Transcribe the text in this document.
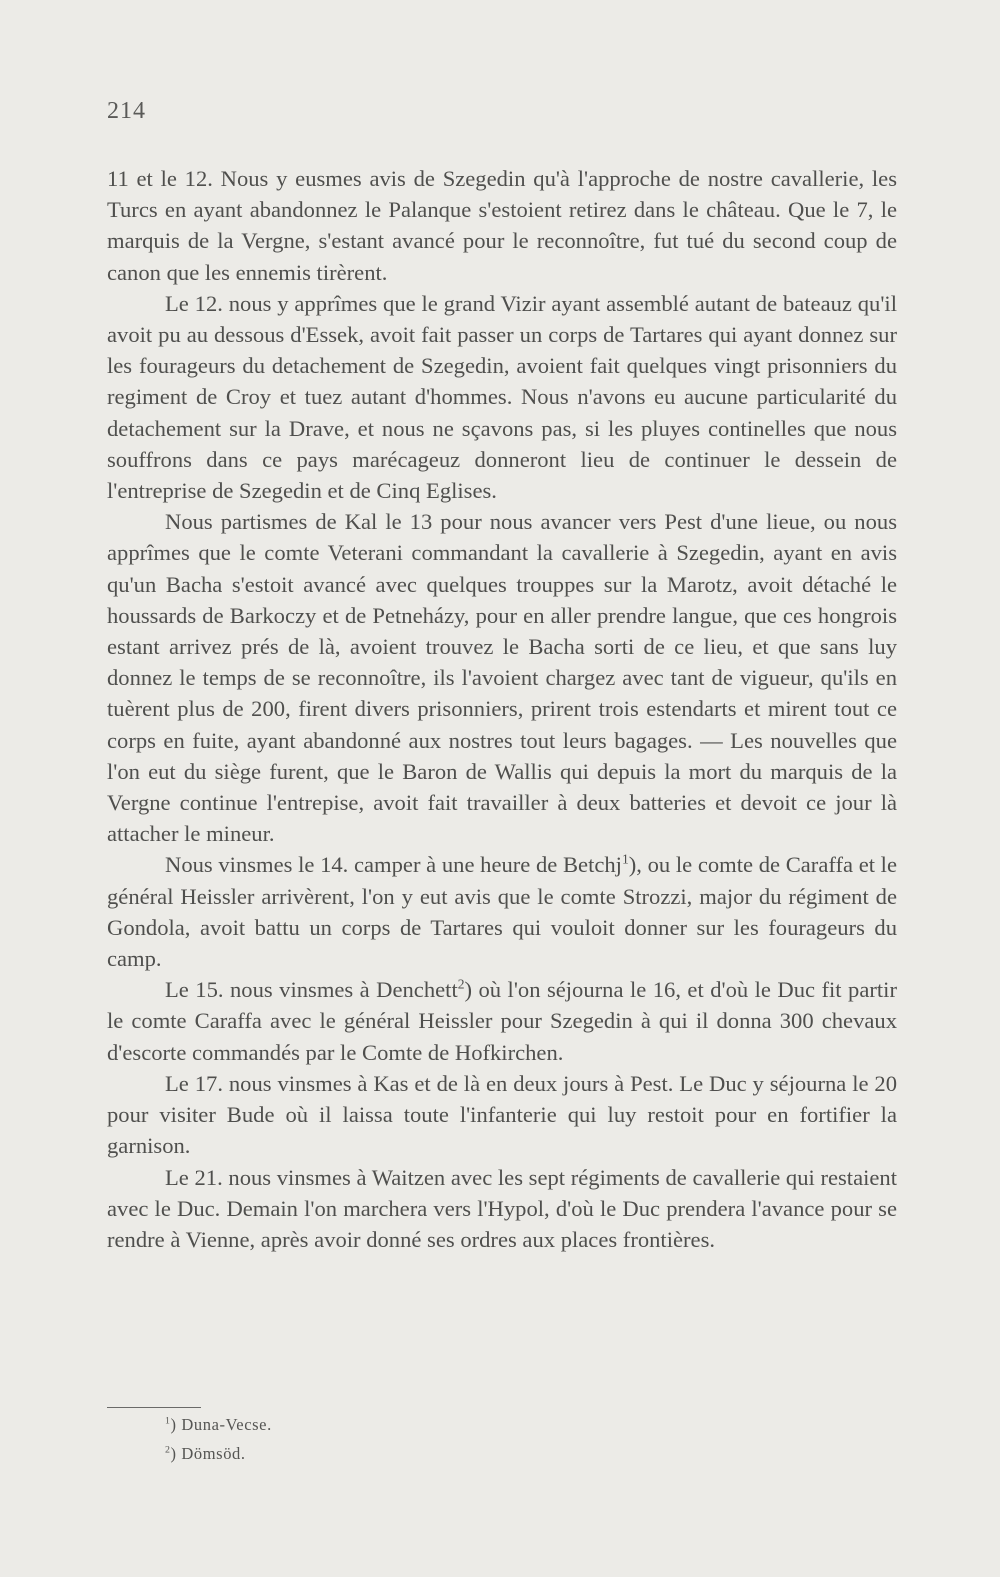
214

11 et le 12. Nous y eusmes avis de Szegedin qu'à l'approche de nostre cavallerie, les Turcs en ayant abandonnez le Palanque s'estoient retirez dans le château. Que le 7, le marquis de la Vergne, s'estant avancé pour le reconnoître, fut tué du second coup de canon que les ennemis tirèrent.

Le 12. nous y apprîmes que le grand Vizir ayant assemblé autant de bateauz qu'il avoit pu au dessous d'Essek, avoit fait passer un corps de Tartares qui ayant donnez sur les fourageurs du detachement de Szegedin, avoient fait quelques vingt prisonniers du regiment de Croy et tuez autant d'hommes. Nous n'avons eu aucune particularité du detachement sur la Drave, et nous ne sçavons pas, si les pluyes continelles que nous souffrons dans ce pays marécageuz donneront lieu de continuer le dessein de l'entreprise de Szegedin et de Cinq Eglises.

Nous partismes de Kal le 13 pour nous avancer vers Pest d'une lieue, ou nous apprîmes que le comte Veterani commandant la cavallerie à Szegedin, ayant en avis qu'un Bacha s'estoit avancé avec quelques trouppes sur la Marotz, avoit détaché le houssards de Barkoczy et de Petneházy, pour en aller prendre langue, que ces hongrois estant arrivez prés de là, avoient trouvez le Bacha sorti de ce lieu, et que sans luy donnez le temps de se reconnoître, ils l'avoient chargez avec tant de vigueur, qu'ils en tuèrent plus de 200, firent divers prisonniers, prirent trois estendarts et mirent tout ce corps en fuite, ayant abandonné aux nostres tout leurs bagages. — Les nouvelles que l'on eut du siège furent, que le Baron de Wallis qui depuis la mort du marquis de la Vergne continue l'entrepise, avoit fait travailler à deux batteries et devoit ce jour là attacher le mineur.

Nous vinsmes le 14. camper à une heure de Betchj$^1$), ou le comte de Caraffa et le général Heissler arrivèrent, l'on y eut avis que le comte Strozzi, major du régiment de Gondola, avoit battu un corps de Tartares qui vouloit donner sur les fourageurs du camp.

Le 15. nous vinsmes à Denchett$^2$) où l'on séjourna le 16, et d'où le Duc fit partir le comte Caraffa avec le général Heissler pour Szegedin à qui il donna 300 chevaux d'escorte commandés par le Comte de Hofkirchen.

Le 17. nous vinsmes à Kas et de là en deux jours à Pest. Le Duc y séjourna le 20 pour visiter Bude où il laissa toute l'infanterie qui luy restoit pour en fortifier la garnison.

Le 21. nous vinsmes à Waitzen avec les sept régiments de cavallerie qui restaient avec le Duc. Demain l'on marchera vers l'Hypol, d'où le Duc prendera l'avance pour se rendre à Vienne, après avoir donné ses ordres aux places frontières.

$^1$) Duna-Vecse.
$^2$) Dömsöd.
